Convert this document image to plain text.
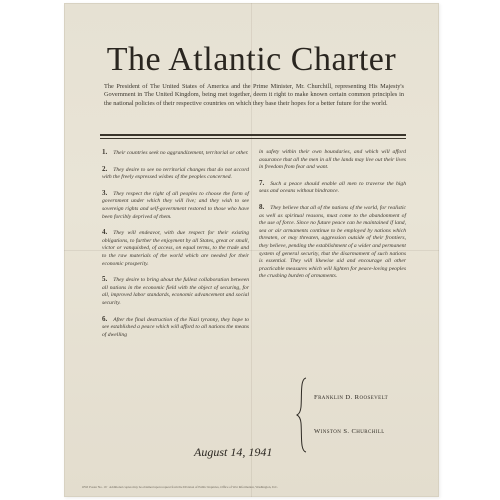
The Atlantic Charter
The President of The United States of America and the Prime Minister, Mr. Churchill, representing His Majesty's Government in The United Kingdom, being met together, deem it right to make known certain common principles in the national policies of their respective countries on which they base their hopes for a better future for the world.

1. Their countries seek no aggrandizement, territorial or other.

2. They desire to see no territorial changes that do not accord with the freely expressed wishes of the peoples concerned.

3. They respect the right of all peoples to choose the form of government under which they will live; and they wish to see sovereign rights and self-government restored to those who have been forcibly deprived of them.

4. They will endeavor, with due respect for their existing obligations, to further the enjoyment by all States, great or small, victor or vanquished, of access, on equal terms, to the trade and to the raw materials of the world which are needed for their economic prosperity.

5. They desire to bring about the fullest collaboration between all nations in the economic field with the object of securing, for all, improved labor standards, economic advancement and social security.

6. After the final destruction of the Nazi tyranny, they hope to see established a peace which will afford to all nations the means of dwelling

in safety within their own boundaries, and which will afford assurance that all the men in all the lands may live out their lives in freedom from fear and want.

7. Such a peace should enable all men to traverse the high seas and oceans without hindrance.

8. They believe that all of the nations of the world, for realistic as well as spiritual reasons, must come to the abandonment of the use of force. Since no future peace can be maintained if land, sea or air armaments continue to be employed by nations which threaten, or may threaten, aggression outside of their frontiers, they believe, pending the establishment of a wider and permanent system of general security, that the disarmament of such nations is essential. They will likewise aid and encourage all other practicable measures which will lighten for peace-loving peoples the crushing burden of armaments.

Franklin D. Roosevelt
Winston S. Churchill
August 14, 1941
OWI Poster No. 19 · Additional copies may be obtained upon request from the Division of Public Inquiries, Office of War Information, Washington, D.C.
